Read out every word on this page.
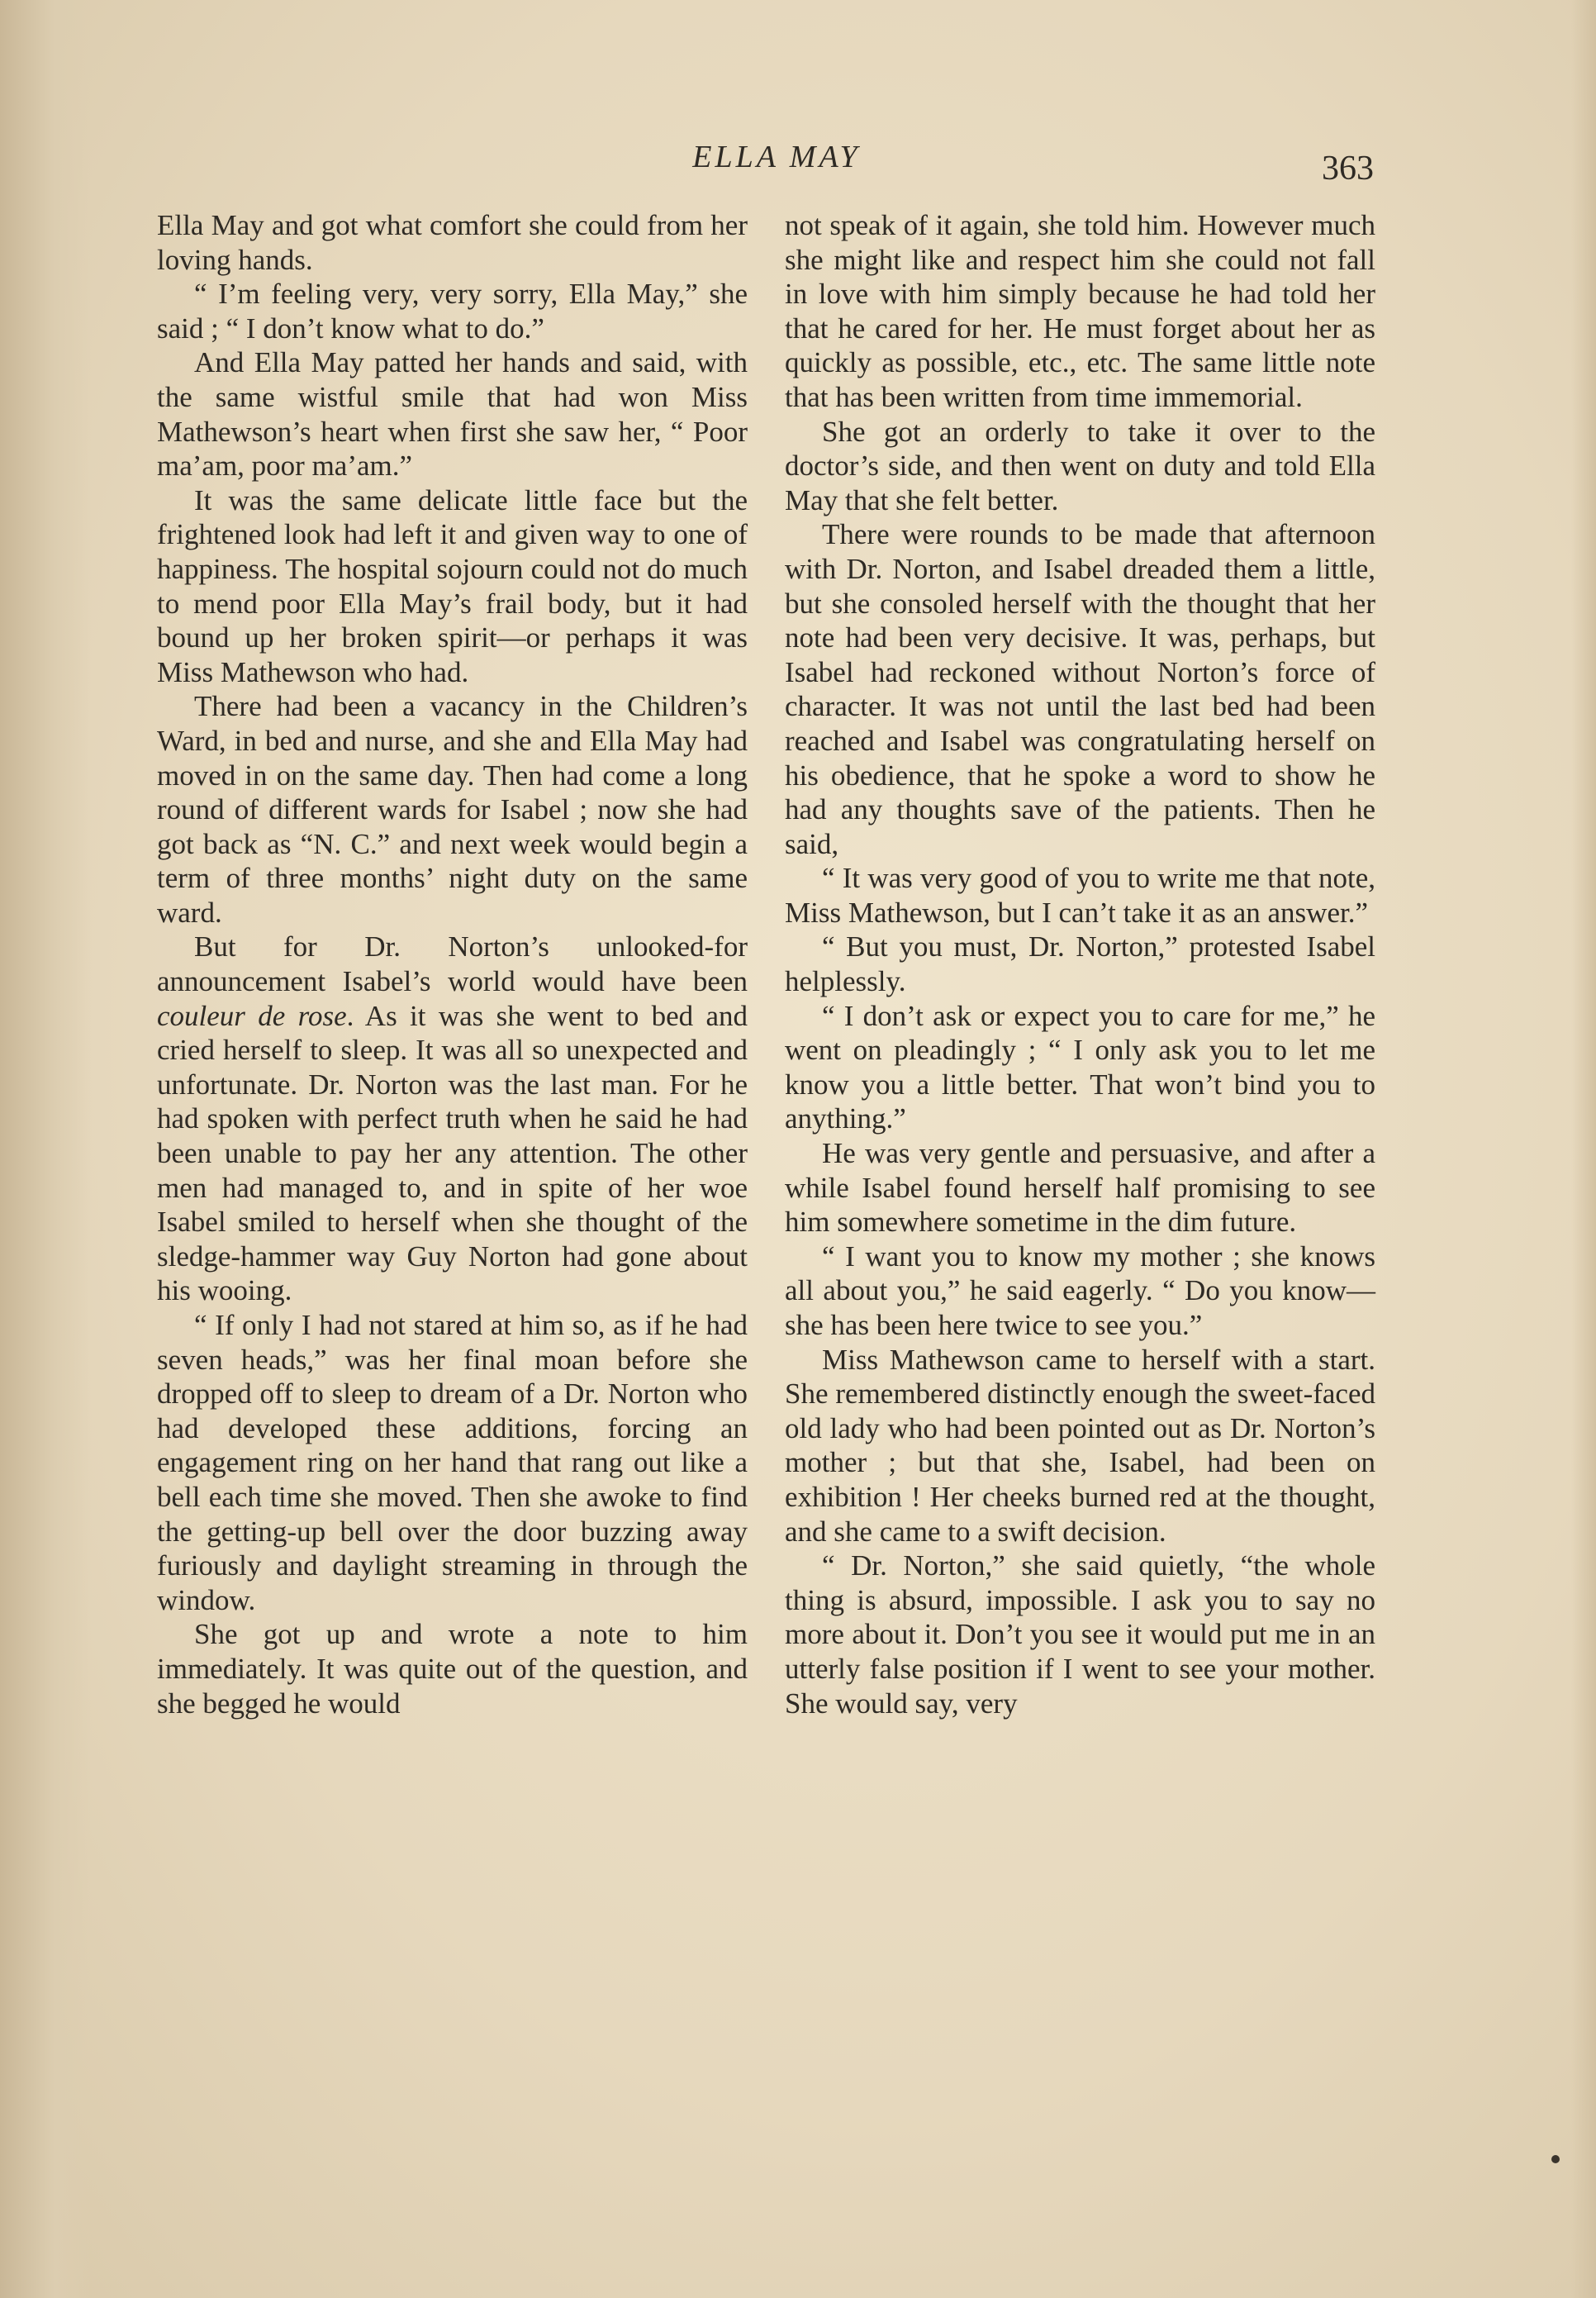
ELLA MAY	363

Ella May and got what comfort she could from her loving hands.

“ I’m feeling very, very sorry, Ella May,” she said ; “ I don’t know what to do.”

And Ella May patted her hands and said, with the same wistful smile that had won Miss Mathewson’s heart when first she saw her, “ Poor ma’am, poor ma’am.”

It was the same delicate little face but the frightened look had left it and given way to one of happiness. The hospital sojourn could not do much to mend poor Ella May’s frail body, but it had bound up her broken spirit—or perhaps it was Miss Mathewson who had.

There had been a vacancy in the Children’s Ward, in bed and nurse, and she and Ella May had moved in on the same day. Then had come a long round of different wards for Isabel ; now she had got back as “N. C.” and next week would begin a term of three months’ night duty on the same ward.

But for Dr. Norton’s unlooked-for announcement Isabel’s world would have been couleur de rose. As it was she went to bed and cried herself to sleep. It was all so unexpected and unfortunate. Dr. Norton was the last man. For he had spoken with perfect truth when he said he had been unable to pay her any attention. The other men had managed to, and in spite of her woe Isabel smiled to herself when she thought of the sledge-hammer way Guy Norton had gone about his wooing.

“ If only I had not stared at him so, as if he had seven heads,” was her final moan before she dropped off to sleep to dream of a Dr. Norton who had developed these additions, forcing an engagement ring on her hand that rang out like a bell each time she moved. Then she awoke to find the getting-up bell over the door buzzing away furiously and daylight streaming in through the window.

She got up and wrote a note to him immediately. It was quite out of the question, and she begged he would

not speak of it again, she told him. However much she might like and respect him she could not fall in love with him simply because he had told her that he cared for her. He must forget about her as quickly as possible, etc., etc. The same little note that has been written from time immemorial.

She got an orderly to take it over to the doctor’s side, and then went on duty and told Ella May that she felt better.

There were rounds to be made that afternoon with Dr. Norton, and Isabel dreaded them a little, but she consoled herself with the thought that her note had been very decisive. It was, perhaps, but Isabel had reckoned without Norton’s force of character. It was not until the last bed had been reached and Isabel was congratulating herself on his obedience, that he spoke a word to show he had any thoughts save of the patients. Then he said,

“ It was very good of you to write me that note, Miss Mathewson, but I can’t take it as an answer.”

“ But you must, Dr. Norton,” protested Isabel helplessly.

“ I don’t ask or expect you to care for me,” he went on pleadingly ; “ I only ask you to let me know you a little better. That won’t bind you to anything.”

He was very gentle and persuasive, and after a while Isabel found herself half promising to see him somewhere sometime in the dim future.

“ I want you to know my mother ; she knows all about you,” he said eagerly. “ Do you know—she has been here twice to see you.”

Miss Mathewson came to herself with a start. She remembered distinctly enough the sweet-faced old lady who had been pointed out as Dr. Norton’s mother ; but that she, Isabel, had been on exhibition ! Her cheeks burned red at the thought, and she came to a swift decision.

“ Dr. Norton,” she said quietly, “the whole thing is absurd, impossible. I ask you to say no more about it. Don’t you see it would put me in an utterly false position if I went to see your mother. She would say, very
